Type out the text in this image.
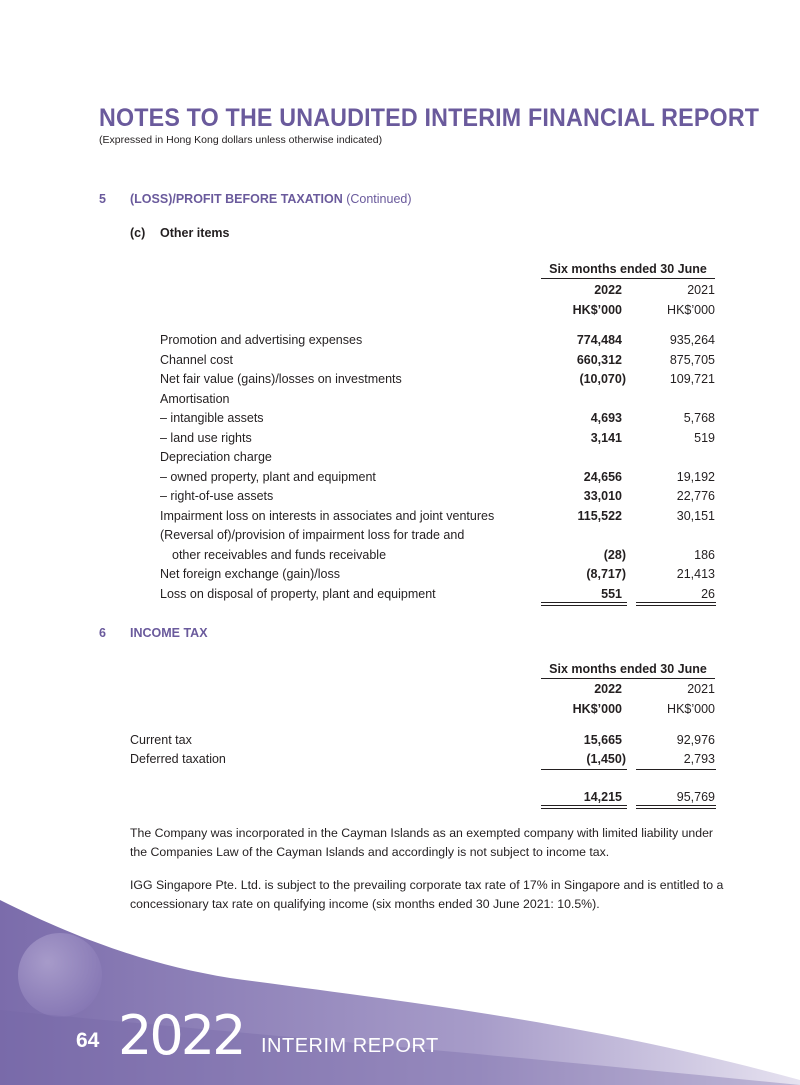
NOTES TO THE UNAUDITED INTERIM FINANCIAL REPORT
(Expressed in Hong Kong dollars unless otherwise indicated)
5 (LOSS)/PROFIT BEFORE TAXATION (Continued)
(c) Other items
Six months ended 30 June
2022	2021
HK$’000	HK$’000
Promotion and advertising expenses	774,484	935,264
Channel cost	660,312	875,705
Net fair value (gains)/losses on investments	(10,070)	109,721
Amortisation
– intangible assets	4,693	5,768
– land use rights	3,141	519
Depreciation charge
– owned property, plant and equipment	24,656	19,192
– right-of-use assets	33,010	22,776
Impairment loss on interests in associates and joint ventures	115,522	30,151
(Reversal of)/provision of impairment loss for trade and
other receivables and funds receivable	(28)	186
Net foreign exchange (gain)/loss	(8,717)	21,413
Loss on disposal of property, plant and equipment	551	26
6 INCOME TAX
Six months ended 30 June
2022	2021
HK$’000	HK$’000
Current tax	15,665	92,976
Deferred taxation	(1,450)	2,793
14,215	95,769
The Company was incorporated in the Cayman Islands as an exempted company with limited liability under the Companies Law of the Cayman Islands and accordingly is not subject to income tax.
IGG Singapore Pte. Ltd. is subject to the prevailing corporate tax rate of 17% in Singapore and is entitled to a concessionary tax rate on qualifying income (six months ended 30 June 2021: 10.5%).
64 2022 INTERIM REPORT
